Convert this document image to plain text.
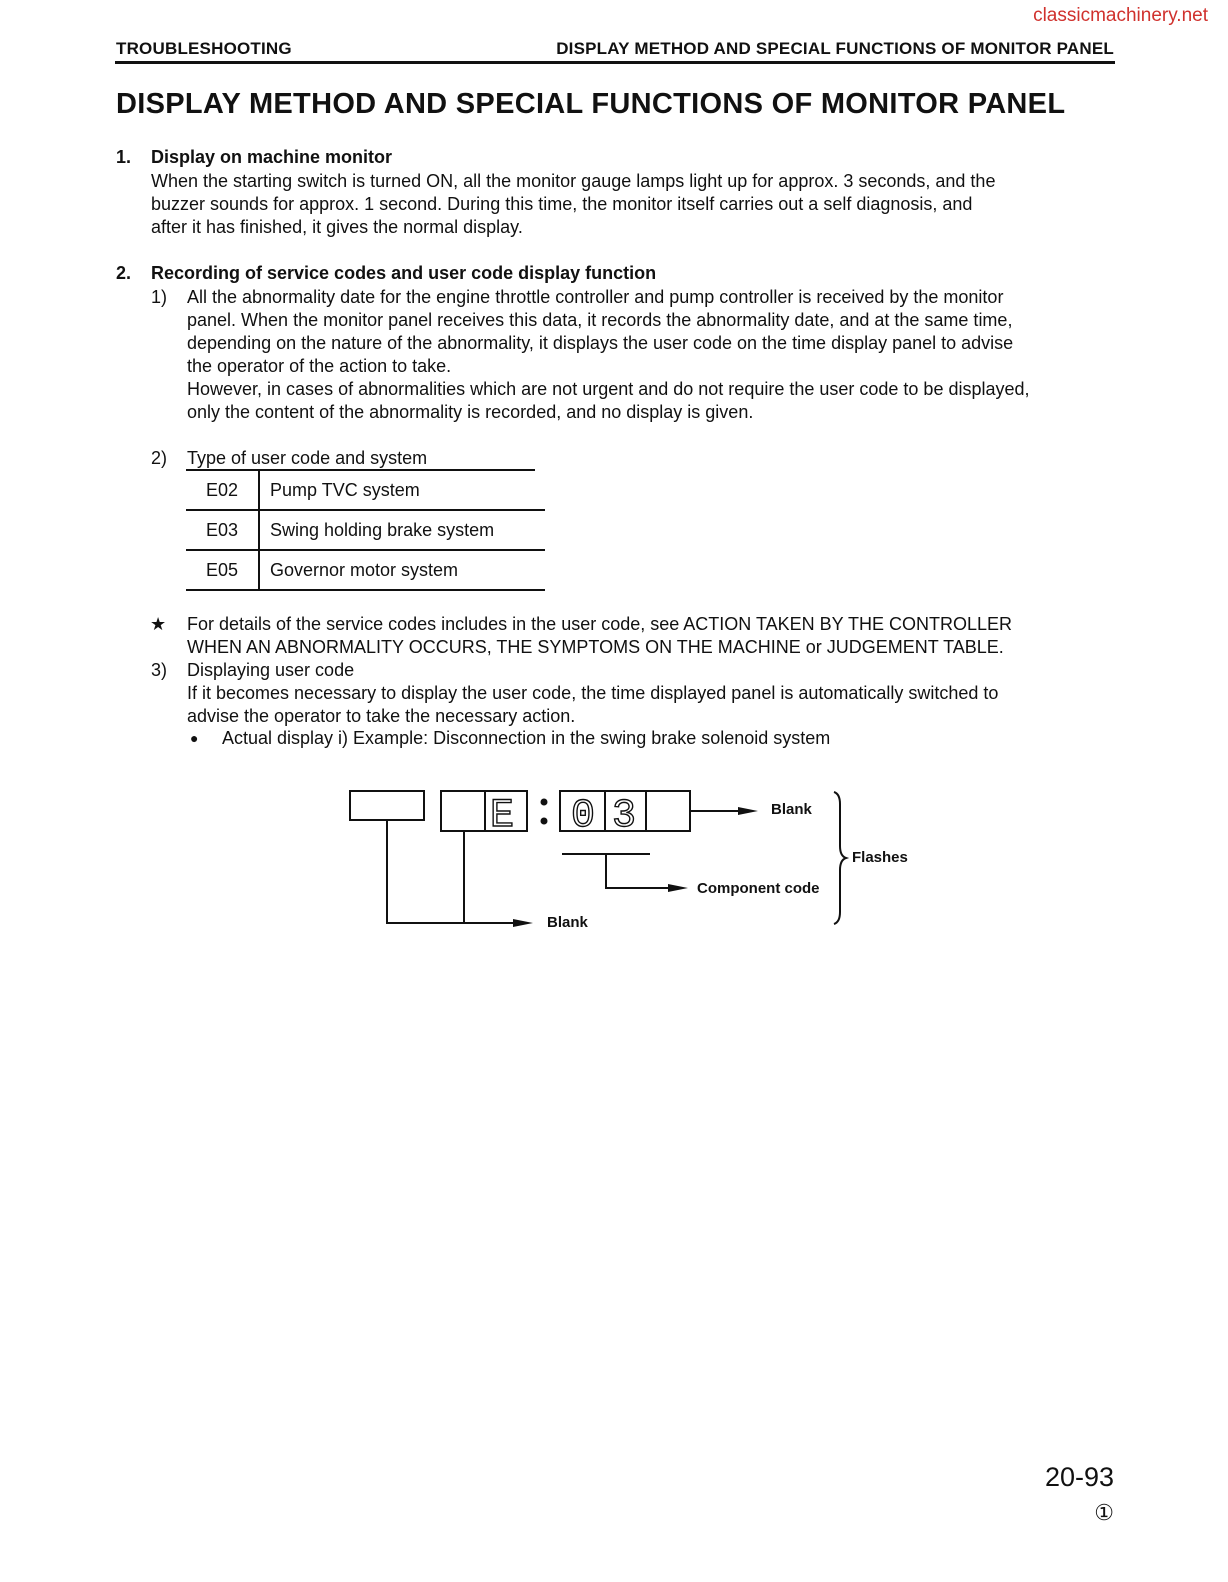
classicmachinery.net
TROUBLESHOOTING	DISPLAY METHOD AND SPECIAL FUNCTIONS OF MONITOR PANEL
DISPLAY METHOD AND SPECIAL FUNCTIONS OF MONITOR PANEL
1. Display on machine monitor

When the starting switch is turned ON, all the monitor gauge lamps light up for approx. 3 seconds, and the

buzzer sounds for approx. 1 second. During this time, the monitor itself carries out a self diagnosis, and

after it has finished, it gives the normal display.

2. Recording of service codes and user code display function
1) All the abnormality date for the engine throttle controller and pump controller is received by the monitor

panel. When the monitor panel receives this data, it records the abnormality date, and at the same time,

depending on the nature of the abnormality, it displays the user code on the time display panel to advise

the operator of the action to take.

However, in cases of abnormalities which are not urgent and do not require the user code to be displayed,

only the content of the abnormality is recorded, and no display is given.

2) Type of user code and system
E02	Pump TVC system
E03	Swing holding brake system
E05	Governor motor system
★ For details of the service codes includes in the user code, see ACTION TAKEN BY THE CONTROLLER

WHEN AN ABNORMALITY OCCURS, THE SYMPTOMS ON THE MACHINE or JUDGEMENT TABLE.

3) Displaying user code

If it becomes necessary to display the user code, the time displayed panel is automatically switched to

advise the operator to take the necessary action.

● Actual display i) Example: Disconnection in the swing brake solenoid system
E 0 3	Blank
Flashes
Component code
Blank
20-93
①
